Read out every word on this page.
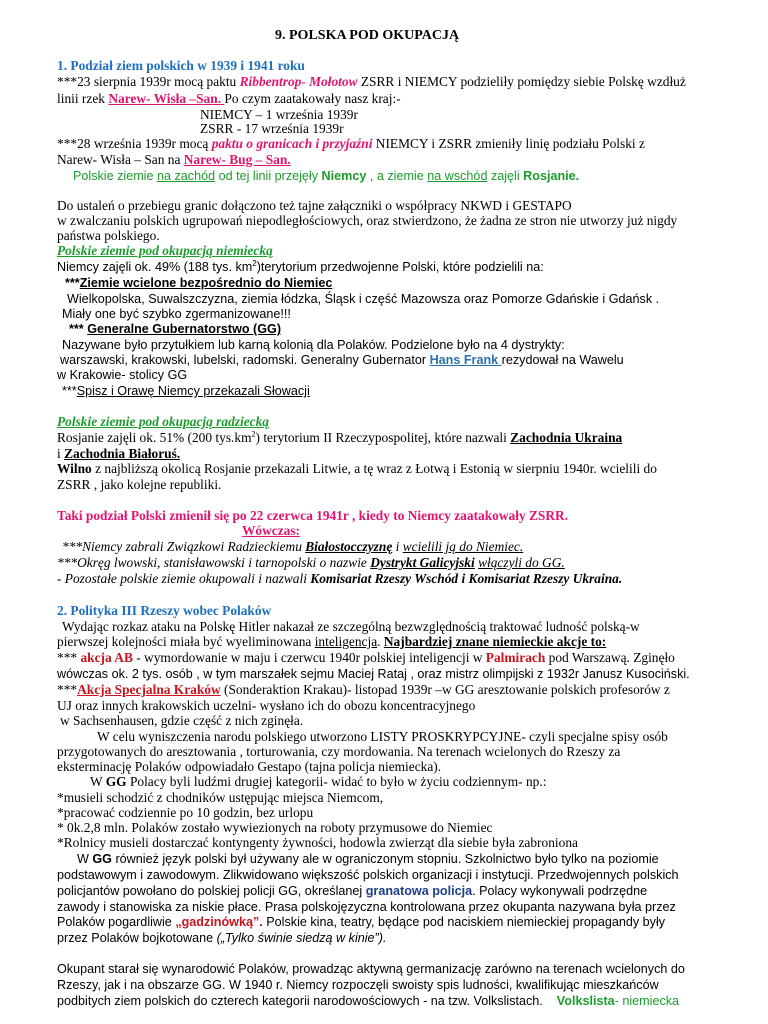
9. POLSKA POD OKUPACJĄ
1. Podział ziem polskich w 1939 i 1941 roku
***23 sierpnia 1939r mocą paktu Ribbentrop- Mołotow ZSRR i NIEMCY podzieliły pomiędzy siebie Polskę wzdłuż
linii rzek Narew- Wisła –San. Po czym zaatakowały nasz kraj:-
NIEMCY – 1 września 1939r
ZSRR - 17 września 1939r
***28 września 1939r mocą paktu o granicach i przyjaźni NIEMCY i ZSRR zmieniły linię podziału Polski z
Narew- Wisła – San na Narew- Bug – San.
Polskie ziemie na zachód od tej linii przejęły Niemcy , a ziemie na wschód zajęli Rosjanie.
Do ustaleń o przebiegu granic dołączono też tajne załączniki o współpracy NKWD i GESTAPO
w zwalczaniu polskich ugrupowań niepodległościowych, oraz stwierdzono, że żadna ze stron nie utworzy już nigdy
państwa polskiego.
Polskie ziemie pod okupacją niemiecką
Niemcy zajęli ok. 49% (188 tys. $km^2)terytorium$ przedwojenne Polski, które podzielili na:
***Ziemie wcielone bezpośrednio do Niemiec
Wielkopolska, Suwalszczyzna, ziemia łódzka, Śląsk i część Mazowsza oraz Pomorze Gdańskie i Gdańsk .
Miały one być szybko zgermanizowane!!!
*** Generalne Gubernatorstwo (GG)
Nazywane było przytułkiem lub karną kolonią dla Polaków. Podzielone było na 4 dystrykty:
warszawski, krakowski, lubelski, radomski. Generalny Gubernator Hans Frank rezydował na Wawelu
w Krakowie- stolicy GG
***Spisz i Orawę Niemcy przekazali Słowacji
Polskie ziemie pod okupacją radziecką
Rosjanie zajęli ok. 51% (200 $tys.km^2$) terytorium II Rzeczypospolitej, które nazwali Zachodnia Ukraina
i Zachodnia Białoruś.
Wilno z najbliższą okolicą Rosjanie przekazali Litwie, a tę wraz z Łotwą i Estonią w sierpniu 1940r. wcielili do
ZSRR , jako kolejne republiki.
Taki podział Polski zmienił się po 22 czerwca 1941r , kiedy to Niemcy zaatakowały ZSRR.
Wówczas:
***Niemcy zabrali Związkowi Radzieckiemu Białostocczyznę i wcielili ją do Niemiec.
***Okręg lwowski, stanisławowski i tarnopolski o nazwie Dystrykt Galicyjski włączyli do GG.
- Pozostałe polskie ziemie okupowali i nazwali Komisariat Rzeszy Wschód i Komisariat Rzeszy Ukraina.
2. Polityka III Rzeszy wobec Polaków
Wydając rozkaz ataku na Polskę Hitler nakazał ze szczególną bezwzględnością traktować ludność polską-w
pierwszej kolejności miała być wyeliminowana inteligencja. Najbardziej znane niemieckie akcje to:
*** akcja AB - wymordowanie w maju i czerwcu 1940r polskiej inteligencji w Palmirach pod Warszawą. Zginęło
wówczas ok. 2 tys. osób , w tym marszałek sejmu Maciej Rataj , oraz mistrz olimpijski z 1932r Janusz Kusociński.
***Akcja Specjalna Kraków (Sonderaktion Krakau)- listopad 1939r –w GG aresztowanie polskich profesorów z
UJ oraz innych krakowskich uczelni- wysłano ich do obozu koncentracyjnego
w Sachsenhausen, gdzie część z nich zginęła.
W celu wyniszczenia narodu polskiego utworzono LISTY PROSKRYPCYJNE- czyli specjalne spisy osób
przygotowanych do aresztowania , torturowania, czy mordowania. Na terenach wcielonych do Rzeszy za
eksterminację Polaków odpowiadało Gestapo (tajna policja niemiecka).
W GG Polacy byli ludźmi drugiej kategorii- widać to było w życiu codziennym- np.:
*musieli schodzić z chodników ustępując miejsca Niemcom,
*pracować codziennie po 10 godzin, bez urlopu
* 0k.2,8 mln. Polaków zostało wywiezionych na roboty przymusowe do Niemiec
*Rolnicy musieli dostarczać kontyngenty żywności, hodowla zwierząt dla siebie była zabroniona
W GG również język polski był używany ale w ograniczonym stopniu. Szkolnictwo było tylko na poziomie
podstawowym i zawodowym. Zlikwidowano większość polskich organizacji i instytucji. Przedwojennych polskich
policjantów powołano do polskiej policji GG, określanej granatowa policja. Polacy wykonywali podrzędne
zawody i stanowiska za niskie płace. Prasa polskojęzyczna kontrolowana przez okupanta nazywana była przez
Polaków pogardliwie „gadzinówką”. Polskie kina, teatry, będące pod naciskiem niemieckiej propagandy były
przez Polaków bojkotowane („Tylko świnie siedzą w kinie”).
Okupant starał się wynarodowić Polaków, prowadząc aktywną germanizację zarówno na terenach wcielonych do
Rzeszy, jak i na obszarze GG. W 1940 r. Niemcy rozpoczęli swoisty spis ludności, kwalifikując mieszkańców
podbitych ziem polskich do czterech kategorii narodowościowych - na tzw. Volkslistach. Volkslista- niemiecka
